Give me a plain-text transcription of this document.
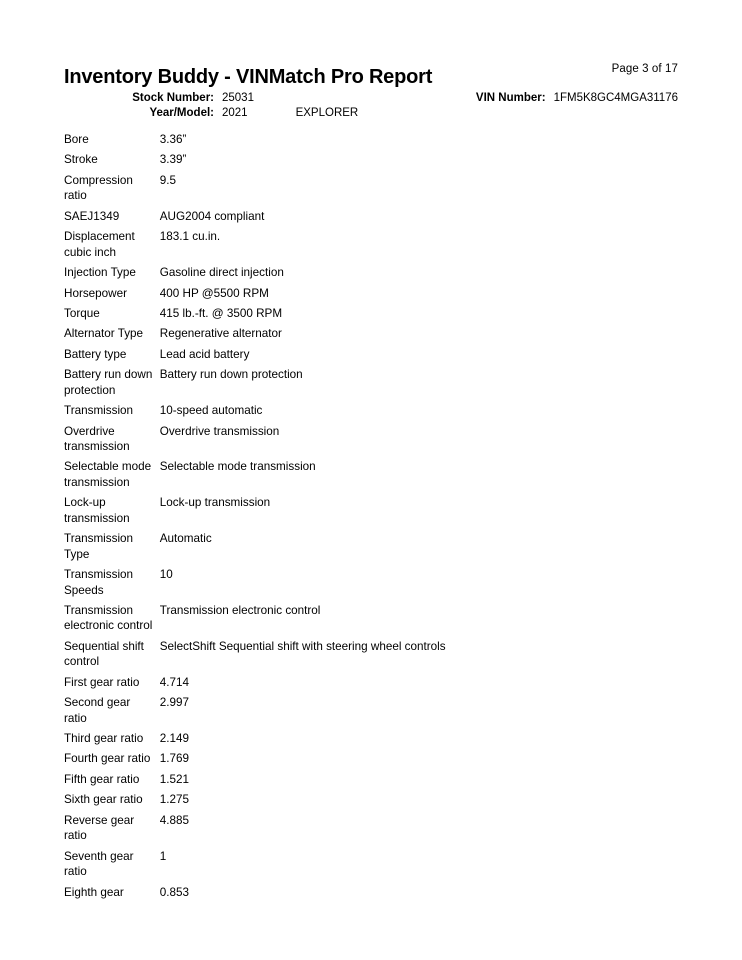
Page 3 of 17
Inventory Buddy - VINMatch Pro Report
Stock Number: 25031	VIN Number: 1FM5K8GC4MGA31176
Year/Model: 2021	EXPLORER
Bore	3.36”
Stroke	3.39”
Compression ratio	9.5
SAEJ1349	AUG2004 compliant
Displacement cubic inch	183.1 cu.in.
Injection Type	Gasoline direct injection
Horsepower	400 HP @5500 RPM
Torque	415 lb.-ft. @ 3500 RPM
Alternator Type	Regenerative alternator
Battery type	Lead acid battery
Battery run down protection	Battery run down protection
Transmission	10-speed automatic
Overdrive transmission	Overdrive transmission
Selectable mode transmission	Selectable mode transmission
Lock-up transmission	Lock-up transmission
Transmission Type	Automatic
Transmission Speeds	10
Transmission electronic control	Transmission electronic control
Sequential shift control	SelectShift Sequential shift with steering wheel controls
First gear ratio	4.714
Second gear ratio	2.997
Third gear ratio	2.149
Fourth gear ratio	1.769
Fifth gear ratio	1.521
Sixth gear ratio	1.275
Reverse gear ratio	4.885
Seventh gear ratio	1
Eighth gear	0.853
